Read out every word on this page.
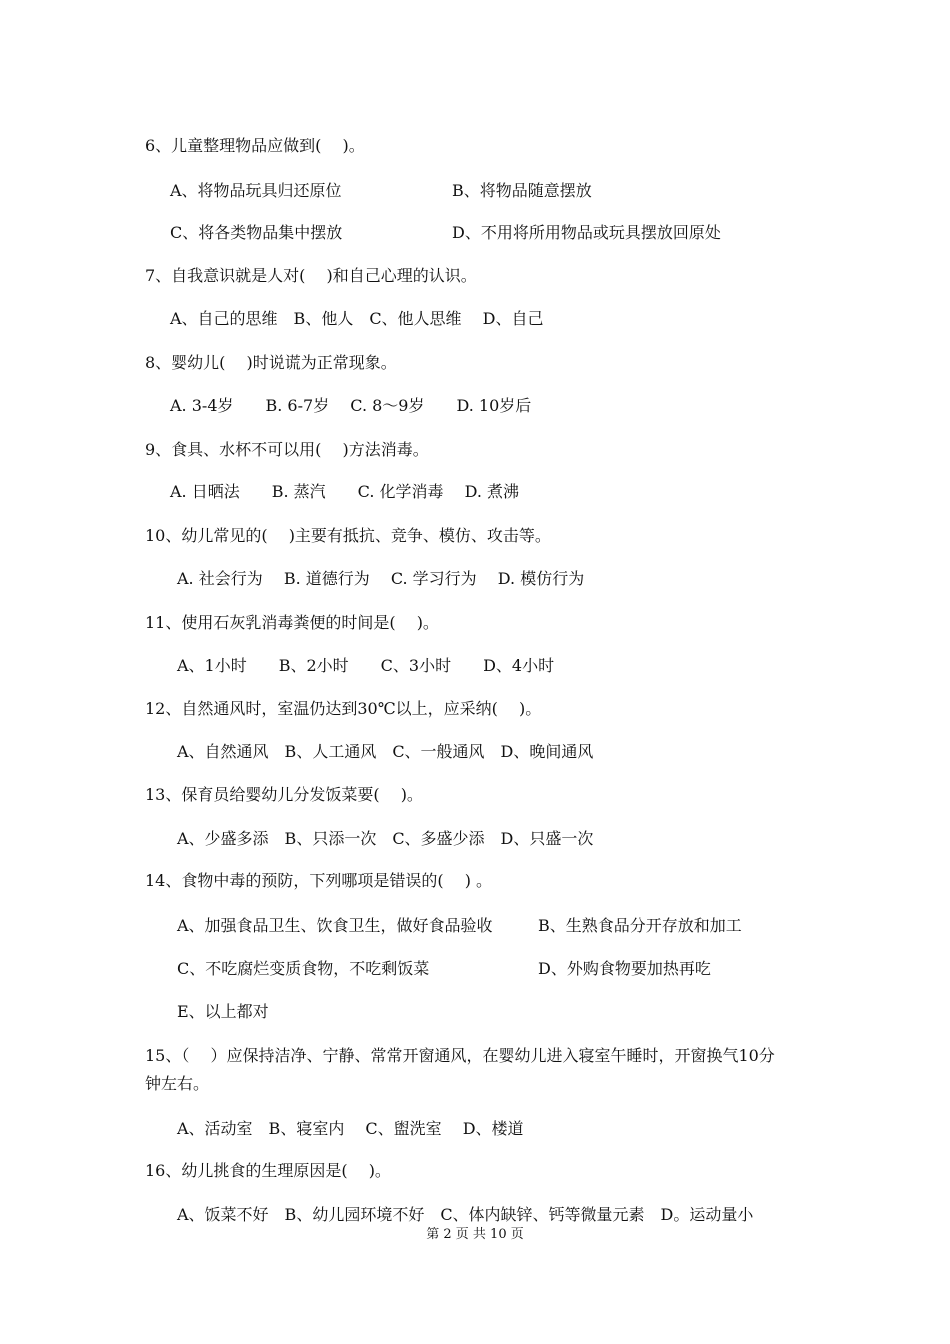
6、儿童整理物品应做到(　 )。
A、将物品玩具归还原位	B、将物品随意摆放
C、将各类物品集中摆放	D、不用将所用物品或玩具摆放回原处
7、自我意识就是人对(　 )和自己心理的认识。
A、自己的思维　B、他人　C、他人思维　 D、自己
8、婴幼儿(　 )时说谎为正常现象。
A. 3-4岁　　B. 6-7岁　 C. 8～9岁　　D. 10岁后
9、食具、水杯不可以用(　 )方法消毒。
A. 日晒法　　B. 蒸汽　　C. 化学消毒　 D. 煮沸
10、幼儿常见的(　 )主要有抵抗、竞争、模仿、攻击等。
A. 社会行为　 B. 道德行为　 C. 学习行为　 D. 模仿行为
11、使用石灰乳消毒粪便的时间是(　 )。
A、1小时　　B、2小时　　C、3小时　　D、4小时
12、自然通风时，室温仍达到30℃以上，应采纳(　 )。
A、自然通风　B、人工通风　C、一般通风　D、晚间通风
13、保育员给婴幼儿分发饭菜要(　 )。
A、少盛多添　B、只添一次　C、多盛少添　D、只盛一次
14、食物中毒的预防，下列哪项是错误的(　 ) 。
A、加强食品卫生、饮食卫生，做好食品验收	B、生熟食品分开存放和加工
C、不吃腐烂变质食物，不吃剩饭菜	D、外购食物要加热再吃
E、以上都对
15、（　 ）应保持洁净、宁静、常常开窗通风，在婴幼儿进入寝室午睡时，开窗换气10分
钟左右。
A、活动室　B、寝室内　 C、盥洗室　 D、楼道
16、幼儿挑食的生理原因是(　 )。
A、饭菜不好　B、幼儿园环境不好　C、体内缺锌、钙等微量元素　D。运动量小
第 2 页 共 10 页
